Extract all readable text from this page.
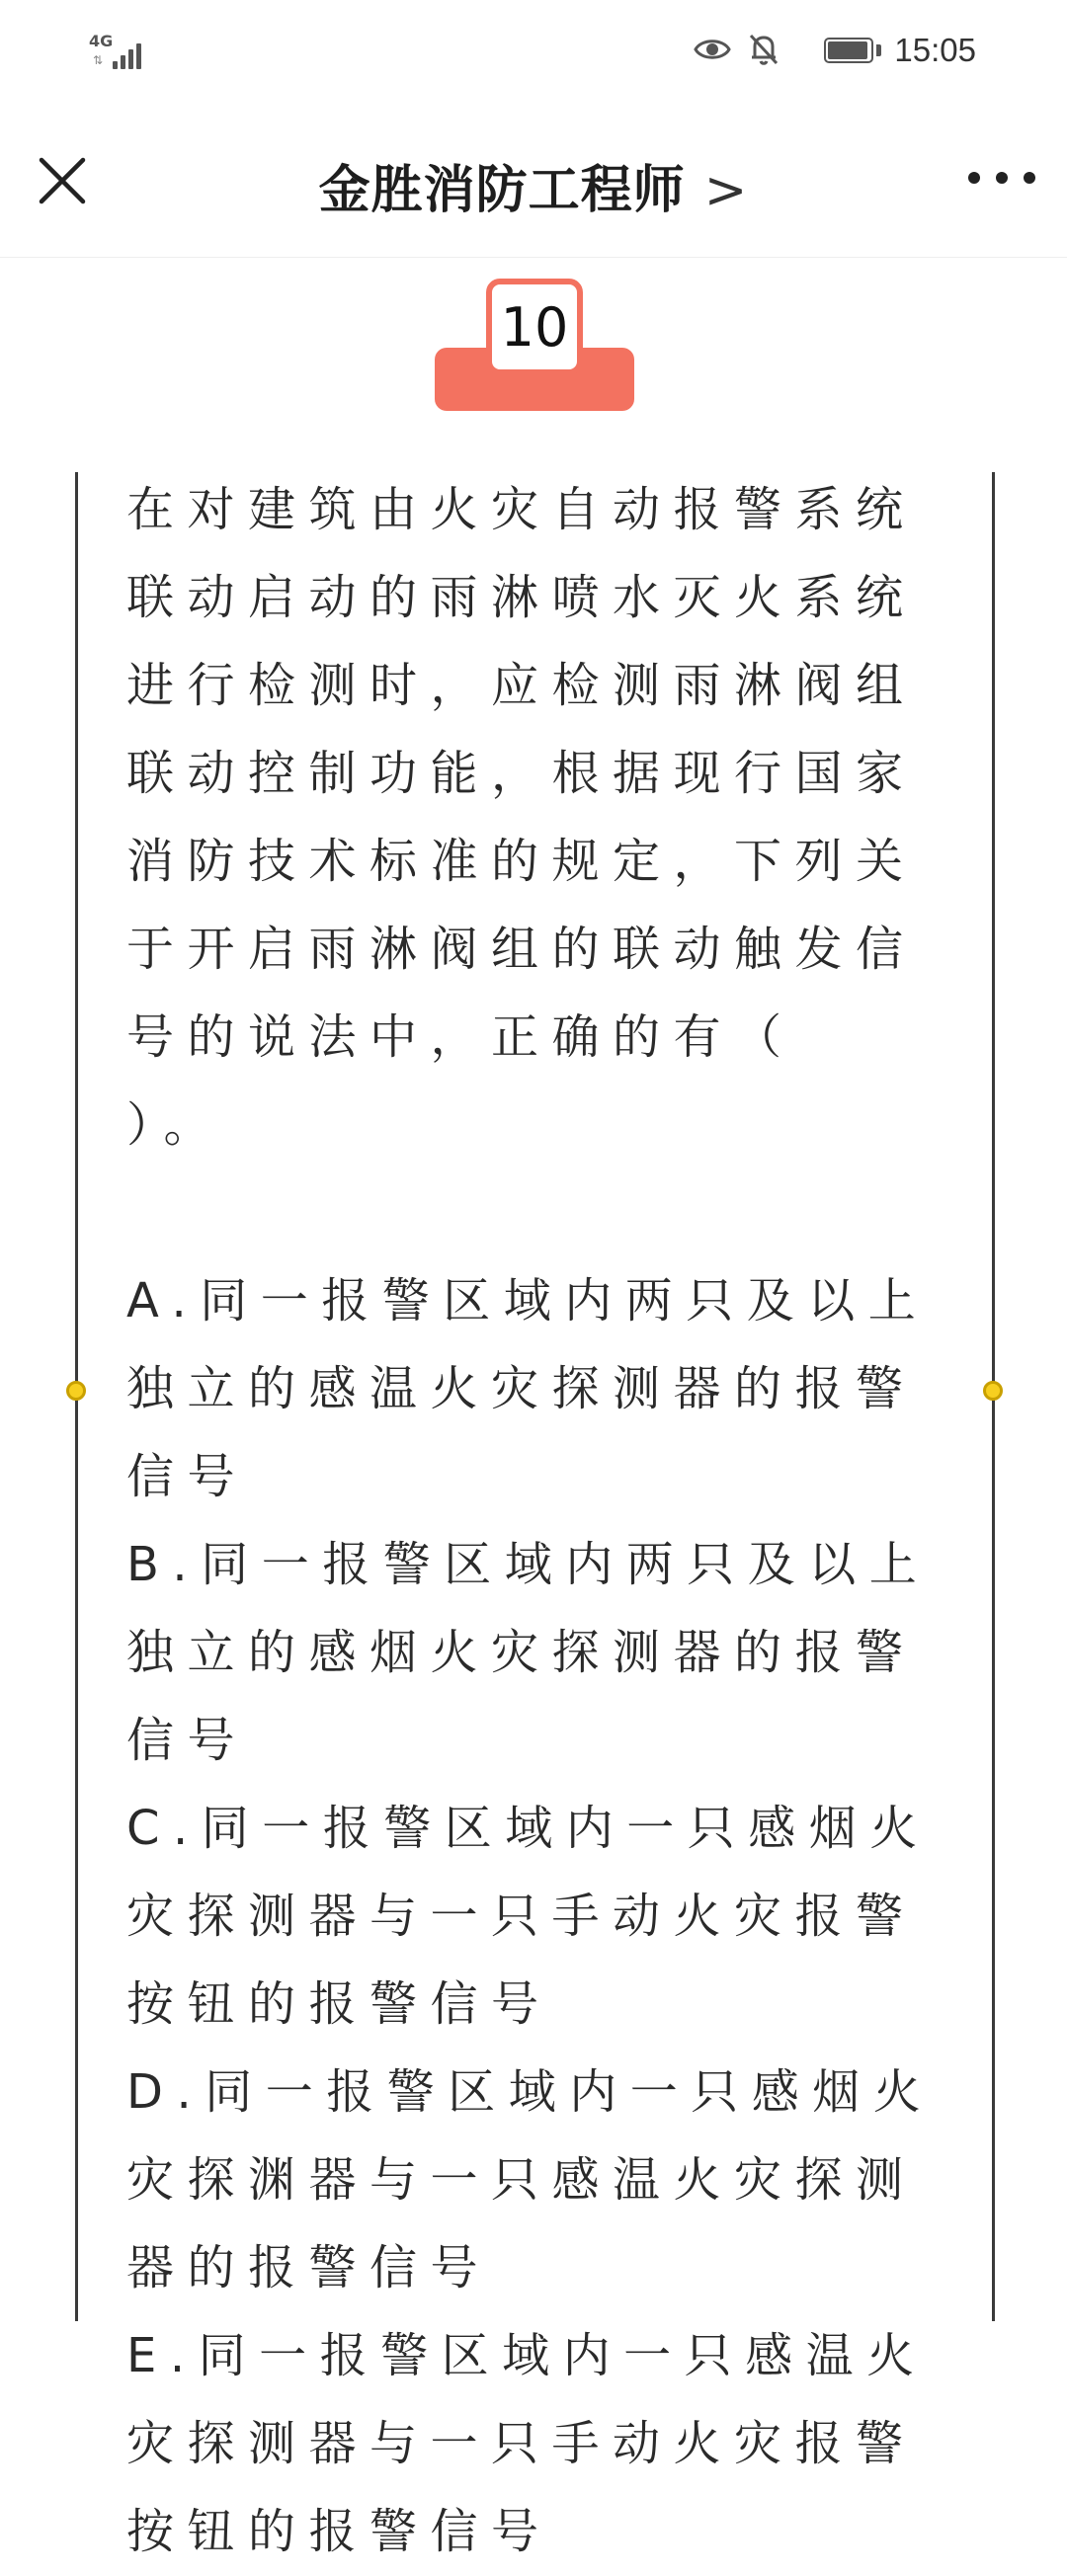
4G
⇅	15:05
金胜消防工程师 >
10

在对建筑由火灾自动报警系统联动启动的雨淋喷水灭火系统进行检测时，应检测雨淋阀组联动控制功能，根据现行国家消防技术标准的规定，下列关于开启雨淋阀组的联动触发信号的说法中，正确的有（　 ）。

A.同一报警区域内两只及以上独立的感温火灾探测器的报警信号

B.同一报警区域内两只及以上独立的感烟火灾探测器的报警信号

C.同一报警区域内一只感烟火灾探测器与一只手动火灾报警按钮的报警信号

D.同一报警区域内一只感烟火灾探渊器与一只感温火灾探测器的报警信号

E.同一报警区域内一只感温火灾探测器与一只手动火灾报警按钮的报警信号
